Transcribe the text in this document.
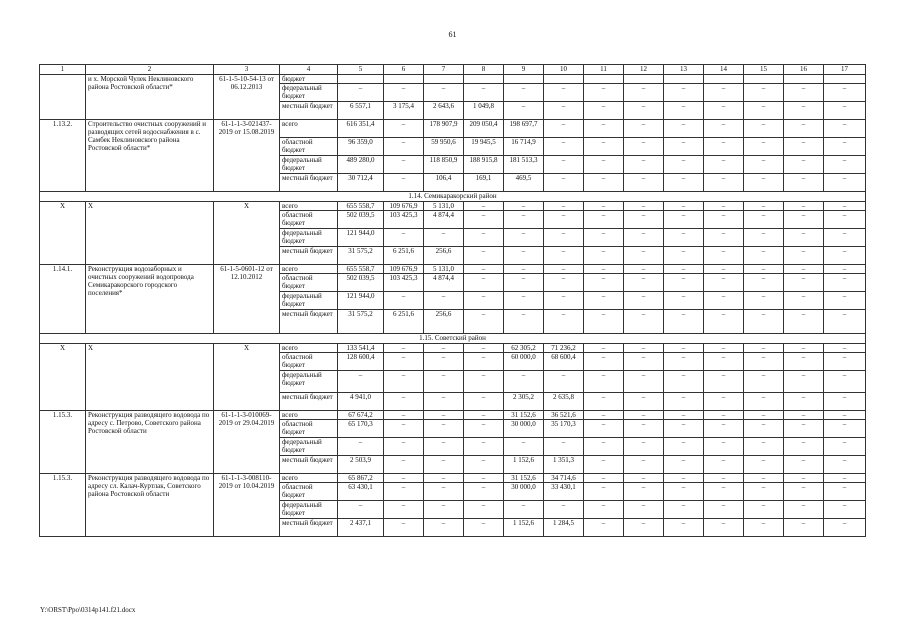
61
1	2	3	4	5	6	7	8	9	10	11	12	13	14	15	16	17
	и х. Морской Чулек Неклиновского района Ростовской области*	61-1-5-10-54-13 от 06.12.2013	бюджет													
			федеральный бюджет	–	–	–	–	–	–	–	–	–	–	–	–	–
			местный бюджет	6 557,1	3 175,4	2 643,6	1 049,8	–	–	–	–	–	–	–	–	–
1.13.2.	Строительство очистных сооружений и разводящих сетей водоснабжения в с. Самбек Неклиновского района Ростовской области*	61-1-1-3-021437-2019 от 15.08.2019	всего	616 351,4	–	178 907,9	209 050,4	198 697,7	–	–	–	–	–	–	–	–
			областной бюджет	96 359,0	–	59 950,6	19 945,5	16 714,9	–	–	–	–	–	–	–	–
			федеральный бюджет	489 280,0	–	118 850,9	188 915,8	181 513,3	–	–	–	–	–	–	–	–
			местный бюджет	30 712,4	–	106,4	169,1	469,5	–	–	–	–	–	–	–	–
1.14. Семикаракорский район																
X	X	X	всего	655 558,7	109 676,9	5 131,0	–	–	–	–	–	–	–	–	–	–
			областной бюджет	502 039,5	103 425,3	4 874,4	–	–	–	–	–	–	–	–	–	–
			федеральный бюджет	121 944,0	–	–	–	–	–	–	–	–	–	–	–	–
			местный бюджет	31 575,2	6 251,6	256,6	–	–	–	–	–	–	–	–	–	–
1.14.1.	Реконструкция водозаборных и очистных сооружений водопровода Семикаракорского городского поселения*	61-1-5-0601-12 от 12.10.2012	всего	655 558,7	109 676,9	5 131,0	–	–	–	–	–	–	–	–	–	–
			областной бюджет	502 039,5	103 425,3	4 874,4	–	–	–	–	–	–	–	–	–	–
			федеральный бюджет	121 944,0	–	–	–	–	–	–	–	–	–	–	–	–
			местный бюджет	31 575,2	6 251,6	256,6	–	–	–	–	–	–	–	–	–	–
1.15. Советский район																
X	X	X	всего	133 541,4	–	–	–	62 305,2	71 236,2	–	–	–	–	–	–	–
			областной бюджет	128 600,4	–	–	–	60 000,0	68 600,4	–	–	–	–	–	–	–
			федеральный бюджет	–	–	–	–	–	–	–	–	–	–	–	–	–
			местный бюджет	4 941,0	–	–	–	2 305,2	2 635,8	–	–	–	–	–	–	–
1.15.3.	Реконструкция разводящего водовода по адресу с. Петрово, Советского района Ростовской области	61-1-1-3-010069-2019 от 29.04.2019	всего	67 674,2	–	–	–	31 152,6	36 521,6	–	–	–	–	–	–	–
			областной бюджет	65 170,3	–	–	–	30 000,0	35 170,3	–	–	–	–	–	–	–
			федеральный бюджет	–	–	–	–	–	–	–	–	–	–	–	–	–
			местный бюджет	2 503,9	–	–	–	1 152,6	1 351,3	–	–	–	–	–	–	–
1.15.3.	Реконструкция разводящего водовода по адресу сл. Калач-Куртлак, Советского района Ростовской области	61-1-1-3-008110-2019 от 10.04.2019	всего	65 867,2	–	–	–	31 152,6	34 714,6	–	–	–	–	–	–	–
			областной бюджет	63 430,1	–	–	–	30 000,0	33 430,1	–	–	–	–	–	–	–
			федеральный бюджет	–	–	–	–	–	–	–	–	–	–	–	–	–
			местный бюджет	2 437,1	–	–	–	1 152,6	1 284,5	–	–	–	–	–	–	–
Y:\ORST\Ppo\0314p141.f21.docx
